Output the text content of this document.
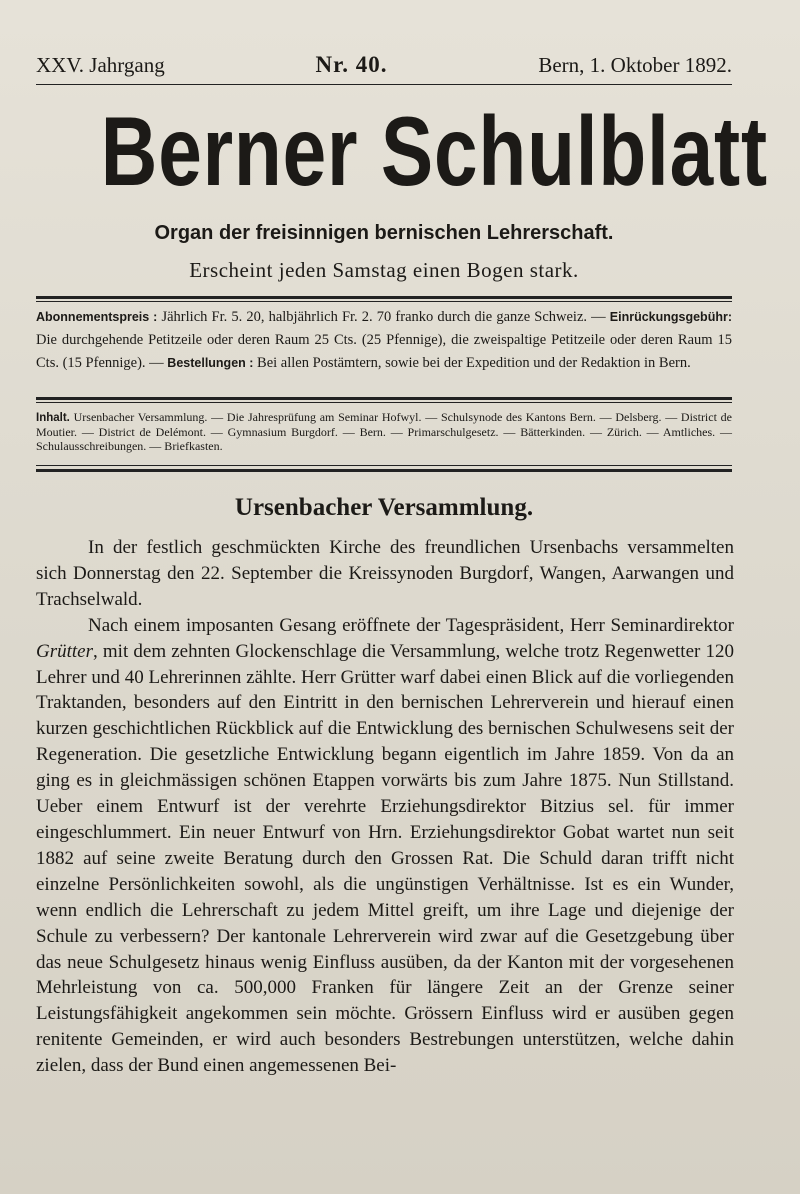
XXV. Jahrgang	Nr. 40.	Bern, 1. Oktober 1892.
Berner Schulblatt
Organ der freisinnigen bernischen Lehrerschaft.
Erscheint jeden Samstag einen Bogen stark.
Abonnementspreis : Jährlich Fr. 5. 20, halbjährlich Fr. 2. 70 franko durch die ganze Schweiz. — Einrückungsgebühr: Die durchgehende Petitzeile oder deren Raum 25 Cts. (25 Pfennige), die zweispaltige Petitzeile oder deren Raum 15 Cts. (15 Pfennige). — Bestellungen : Bei allen Postämtern, sowie bei der Expedition und der Redaktion in Bern.
Inhalt. Ursenbacher Versammlung. — Die Jahresprüfung am Seminar Hofwyl. — Schulsynode des Kantons Bern. — Delsberg. — District de Moutier. — District de Delémont. — Gymnasium Burgdorf. — Bern. — Primarschulgesetz. — Bätterkinden. — Zürich. — Amtliches. — Schulausschreibungen. — Briefkasten.
Ursenbacher Versammlung.

In der festlich geschmückten Kirche des freundlichen Ursenbachs versammelten sich Donnerstag den 22. September die Kreissynoden Burgdorf, Wangen, Aarwangen und Trachselwald.

Nach einem imposanten Gesang eröffnete der Tagespräsident, Herr Seminardirektor Grütter, mit dem zehnten Glockenschlage die Versammlung, welche trotz Regenwetter 120 Lehrer und 40 Lehrerinnen zählte. Herr Grütter warf dabei einen Blick auf die vorliegenden Traktanden, besonders auf den Eintritt in den bernischen Lehrerverein und hierauf einen kurzen geschichtlichen Rückblick auf die Entwicklung des bernischen Schulwesens seit der Regeneration. Die gesetzliche Entwicklung begann eigentlich im Jahre 1859. Von da an ging es in gleichmässigen schönen Etappen vorwärts bis zum Jahre 1875. Nun Stillstand. Ueber einem Entwurf ist der verehrte Erziehungsdirektor Bitzius sel. für immer eingeschlummert. Ein neuer Entwurf von Hrn. Erziehungsdirektor Gobat wartet nun seit 1882 auf seine zweite Beratung durch den Grossen Rat. Die Schuld daran trifft nicht einzelne Persönlichkeiten sowohl, als die ungünstigen Verhältnisse. Ist es ein Wunder, wenn endlich die Lehrerschaft zu jedem Mittel greift, um ihre Lage und diejenige der Schule zu verbessern? Der kantonale Lehrerverein wird zwar auf die Gesetzgebung über das neue Schulgesetz hinaus wenig Einfluss ausüben, da der Kanton mit der vorgesehenen Mehrleistung von ca. 500,000 Franken für längere Zeit an der Grenze seiner Leistungsfähigkeit angekommen sein möchte. Grössern Einfluss wird er ausüben gegen renitente Gemeinden, er wird auch besonders Bestrebungen unterstützen, welche dahin zielen, dass der Bund einen angemessenen Bei-
